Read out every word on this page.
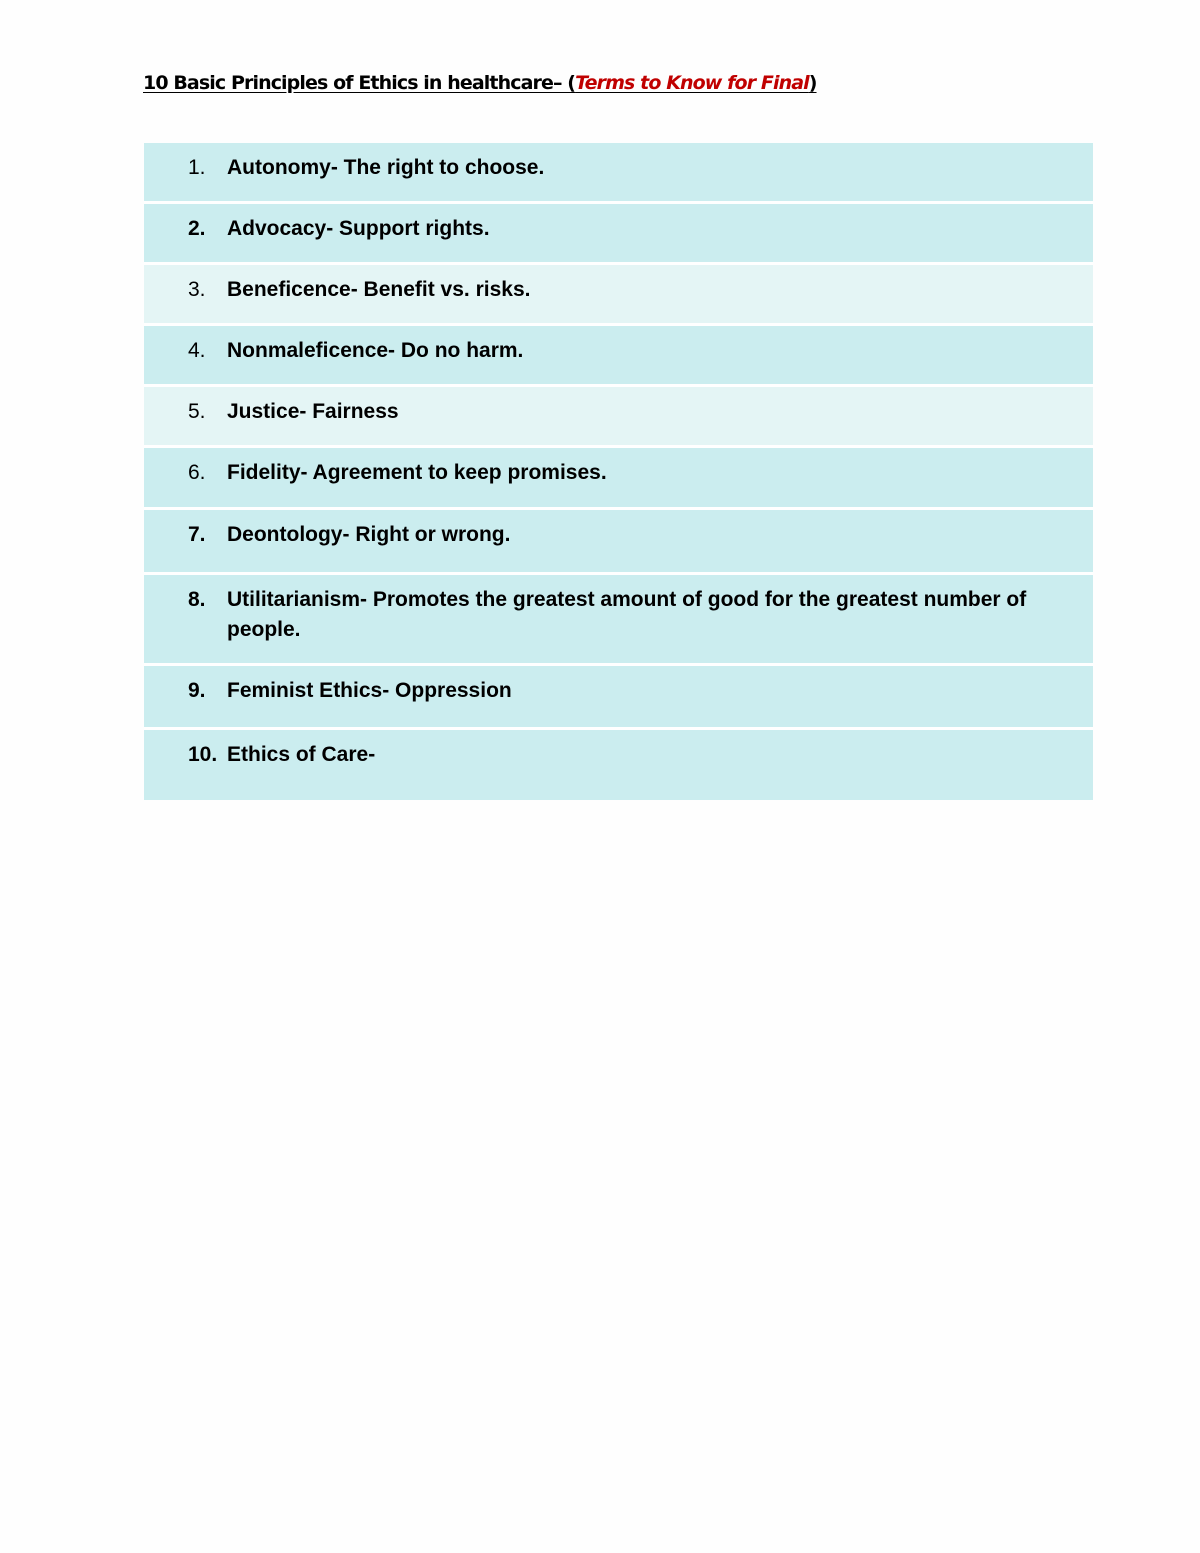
10 Basic Principles of Ethics in healthcare– (Terms to Know for Final)
1.	Autonomy- The right to choose.
2.	Advocacy- Support rights.
3.	Beneficence- Benefit vs. risks.
4.	Nonmaleficence- Do no harm.
5.	Justice- Fairness
6.	Fidelity- Agreement to keep promises.
7.	Deontology- Right or wrong.
8.	Utilitarianism- Promotes the greatest amount of good for the greatest number of people.
9.	Feminist Ethics- Oppression
10. Ethics of Care-
